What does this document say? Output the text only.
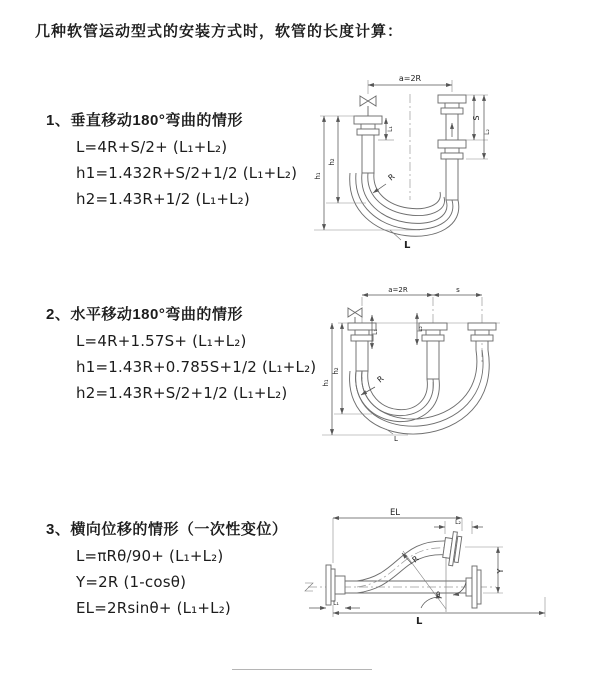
几种软管运动型式的安装方式时，软管的长度计算：
1、垂直移动180°弯曲的情形
L=4R+S/2+ (L₁+L₂)
h1=1.432R+S/2+1/2 (L₁+L₂)
h2=1.43R+1/2 (L₁+L₂)
2、水平移动180°弯曲的情形
L=4R+1.57S+ (L₁+L₂)
h1=1.43R+0.785S+1/2 (L₁+L₂)
h2=1.43R+S/2+1/2 (L₁+L₂)
3、横向位移的情形（一次性变位）
L=πRθ/90+ (L₁+L₂)
Y=2R (1-cosθ)
EL=2Rsinθ+ (L₁+L₂)
a=2R
S
L₂
h₂
h₁
L₁
R
L
a=2R	s
L₁
L₂
h₂
h₁	R
L
θ
EL
L₂
Y
R
L₁
L
